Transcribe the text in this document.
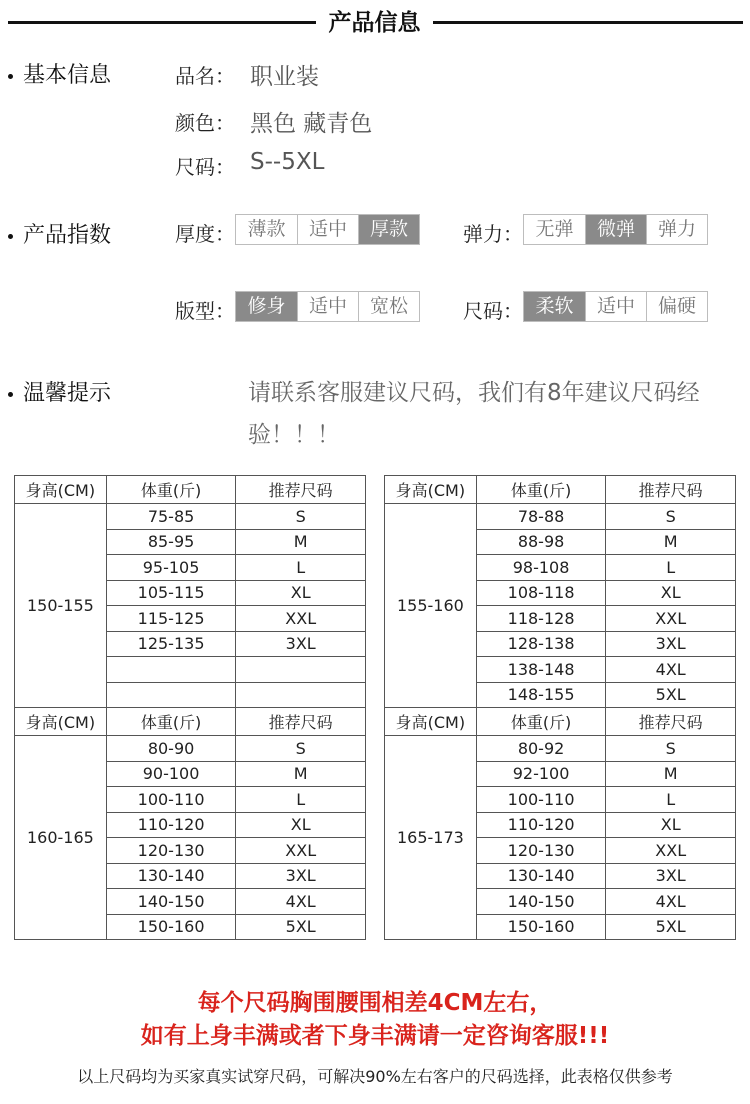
产品信息
基本信息	品名： 职业装
颜色： 黑色 藏青色
尺码： S--5XL
产品指数	厚度： 薄款	适中	厚款	弹力： 无弹	微弹	弹力
版型： 修身	适中	宽松	尺码： 柔软	适中	偏硬
温馨提示	请联系客服建议尺码，我们有8年建议尺码经验！！！
身高(CM)	体重(斤)	推荐尺码
150-155	75-85	S
	85-95	M
	95-105	L
	105-115	XL
	115-125	XXL
	125-135	3XL

身高(CM)	体重(斤)	推荐尺码
155-160	78-88	S
	88-98	M
	98-108	L
	108-118	XL
	118-128	XXL
	128-138	3XL
	138-148	4XL
	148-155	5XL
身高(CM)	体重(斤)	推荐尺码
160-165	80-90	S
	90-100	M
	100-110	L
	110-120	XL
	120-130	XXL
	130-140	3XL
	140-150	4XL
	150-160	5XL
身高(CM)	体重(斤)	推荐尺码
165-173	80-92	S
	92-100	M
	100-110	L
	110-120	XL
	120-130	XXL
	130-140	3XL
	140-150	4XL
	150-160	5XL
每个尺码胸围腰围相差4CM左右，
如有上身丰满或者下身丰满请一定咨询客服!!!
以上尺码均为买家真实试穿尺码，可解决90%左右客户的尺码选择，此表格仅供参考
